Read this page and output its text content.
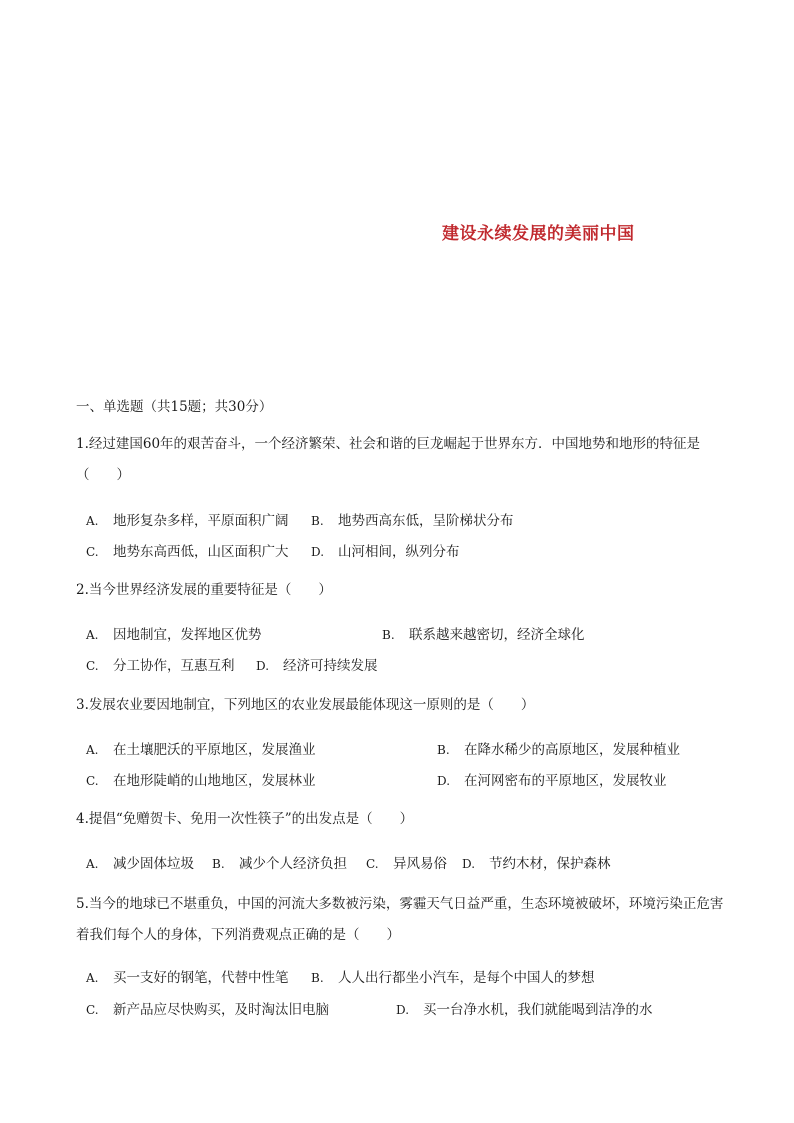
建设永续发展的美丽中国
一、单选题（共15题；共30分）
1.经过建国60年的艰苦奋斗，一个经济繁荣、社会和谐的巨龙崛起于世界东方．中国地势和地形的特征是（　　）
A. 地形复杂多样，平原面积广阔 B. 地势西高东低，呈阶梯状分布
C. 地势东高西低，山区面积广大 D. 山河相间，纵列分布
2.当今世界经济发展的重要特征是（　　）
A. 因地制宜，发挥地区优势	B. 联系越来越密切，经济全球化
C. 分工协作，互惠互利 D. 经济可持续发展
3.发展农业要因地制宜，下列地区的农业发展最能体现这一原则的是（　　）
A. 在土壤肥沃的平原地区，发展渔业	B. 在降水稀少的高原地区，发展种植业
C. 在地形陡峭的山地地区，发展林业	D. 在河网密布的平原地区，发展牧业
4.提倡“免赠贺卡、免用一次性筷子”的出发点是（　　）
A. 减少固体垃圾 B. 减少个人经济负担 C. 异风易俗 D. 节约木材，保护森林
5.当今的地球已不堪重负，中国的河流大多数被污染，雾霾天气日益严重，生态环境被破坏，环境污染正危害着我们每个人的身体，下列消费观点正确的是（　　）
A. 买一支好的钢笔，代替中性笔 B. 人人出行都坐小汽车，是每个中国人的梦想
C. 新产品应尽快购买，及时淘汰旧电脑	D. 买一台净水机，我们就能喝到洁净的水
